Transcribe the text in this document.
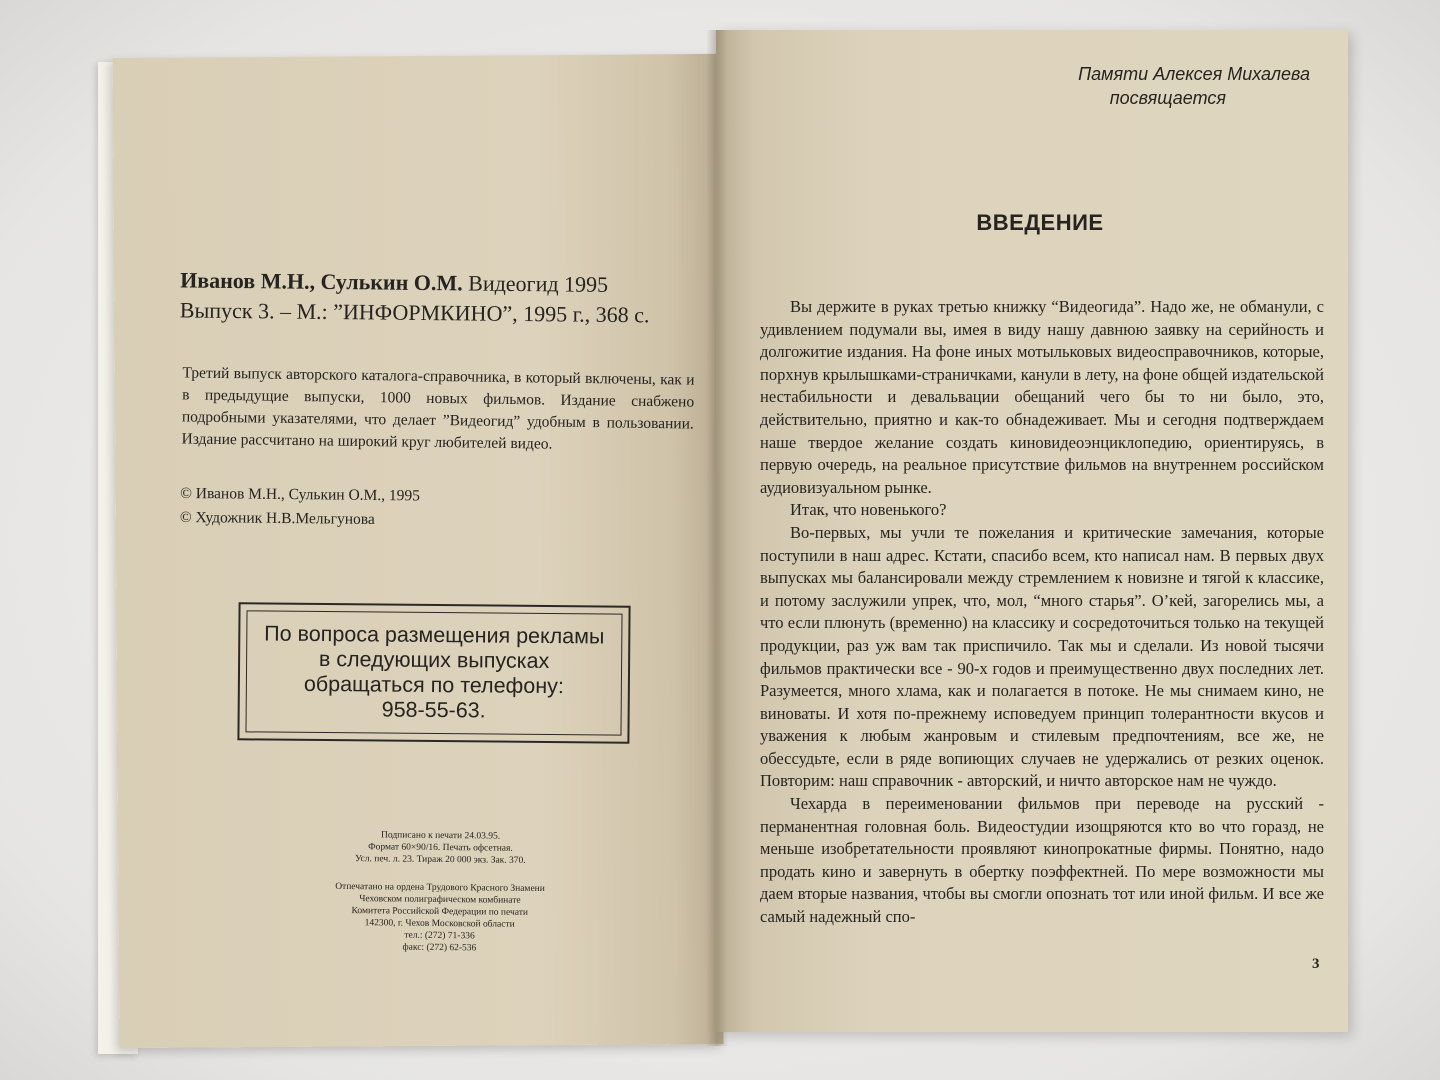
Иванов М.Н., Сулькин О.М. Видеогид 1995
Выпуск 3. – М.: ”ИНФОРМКИНО”, 1995 г., 368 с.
Третий выпуск авторского каталога-справочника, в который включены, как и в предыдущие выпуски, 1000 новых фильмов. Издание снабжено подробными указателями, что делает ”Видеогид” удобным в пользовании. Издание рассчитано на широкий круг любителей видео.
© Иванов М.Н., Сулькин О.М., 1995
© Художник Н.В.Мельгунова
По вопроса размещения рекламы
в следующих выпусках
обращаться по телефону:
958-55-63.
Подписано к печати 24.03.95.
Формат 60×90/16. Печать офсетная.
Усл. печ. л. 23. Тираж 20 000 экз. Зак. 370.
Отпечатано на ордена Трудового Красного Знамени
Чеховском полиграфическом комбинате
Комитета Российской Федерации по печати
142300, г. Чехов Московской области
тел.: (272) 71-336
факс: (272) 62-536
Памяти Алексея Михалева
посвящается
ВВЕДЕНИЕ

Вы держите в руках третью книжку “Видеогида”. Надо же, не обманули, с удивлением подумали вы, имея в виду нашу давнюю заявку на серийность и долгожитие издания. На фоне иных мотыльковых видеосправочников, которые, порхнув крылышками-страничками, канули в лету, на фоне общей издательской нестабильности и девальвации обещаний чего бы то ни было, это, действительно, приятно и как-то обнадеживает. Мы и сегодня подтверждаем наше твердое желание создать киновидеоэнциклопедию, ориентируясь, в первую очередь, на реальное присутствие фильмов на внутреннем российском аудиовизуальном рынке.

Итак, что новенького?

Во-первых, мы учли те пожелания и критические замечания, которые поступили в наш адрес. Кстати, спасибо всем, кто написал нам. В первых двух выпусках мы балансировали между стремлением к новизне и тягой к классике, и потому заслужили упрек, что, мол, “много старья”. О’кей, загорелись мы, а что если плюнуть (временно) на классику и сосредоточиться только на текущей продукции, раз уж вам так приспичило. Так мы и сделали. Из новой тысячи фильмов практически все - 90-х годов и преимущественно двух последних лет. Разумеется, много хлама, как и полагается в потоке. Не мы снимаем кино, не виноваты. И хотя по-прежнему исповедуем принцип толерантности вкусов и уважения к любым жанровым и стилевым предпочтениям, все же, не обессудьте, если в ряде вопиющих случаев не удержались от резких оценок. Повторим: наш справочник - авторский, и ничто авторское нам не чуждо.

Чехарда в переименовании фильмов при переводе на русский - перманентная головная боль. Видеостудии изощряются кто во что горазд, не меньше изобретательности проявляют кинопрокатные фирмы. Понятно, надо продать кино и завернуть в обертку поэффектней. По мере возможности мы даем вторые названия, чтобы вы смогли опознать тот или иной фильм. И все же самый надежный спо-

3
